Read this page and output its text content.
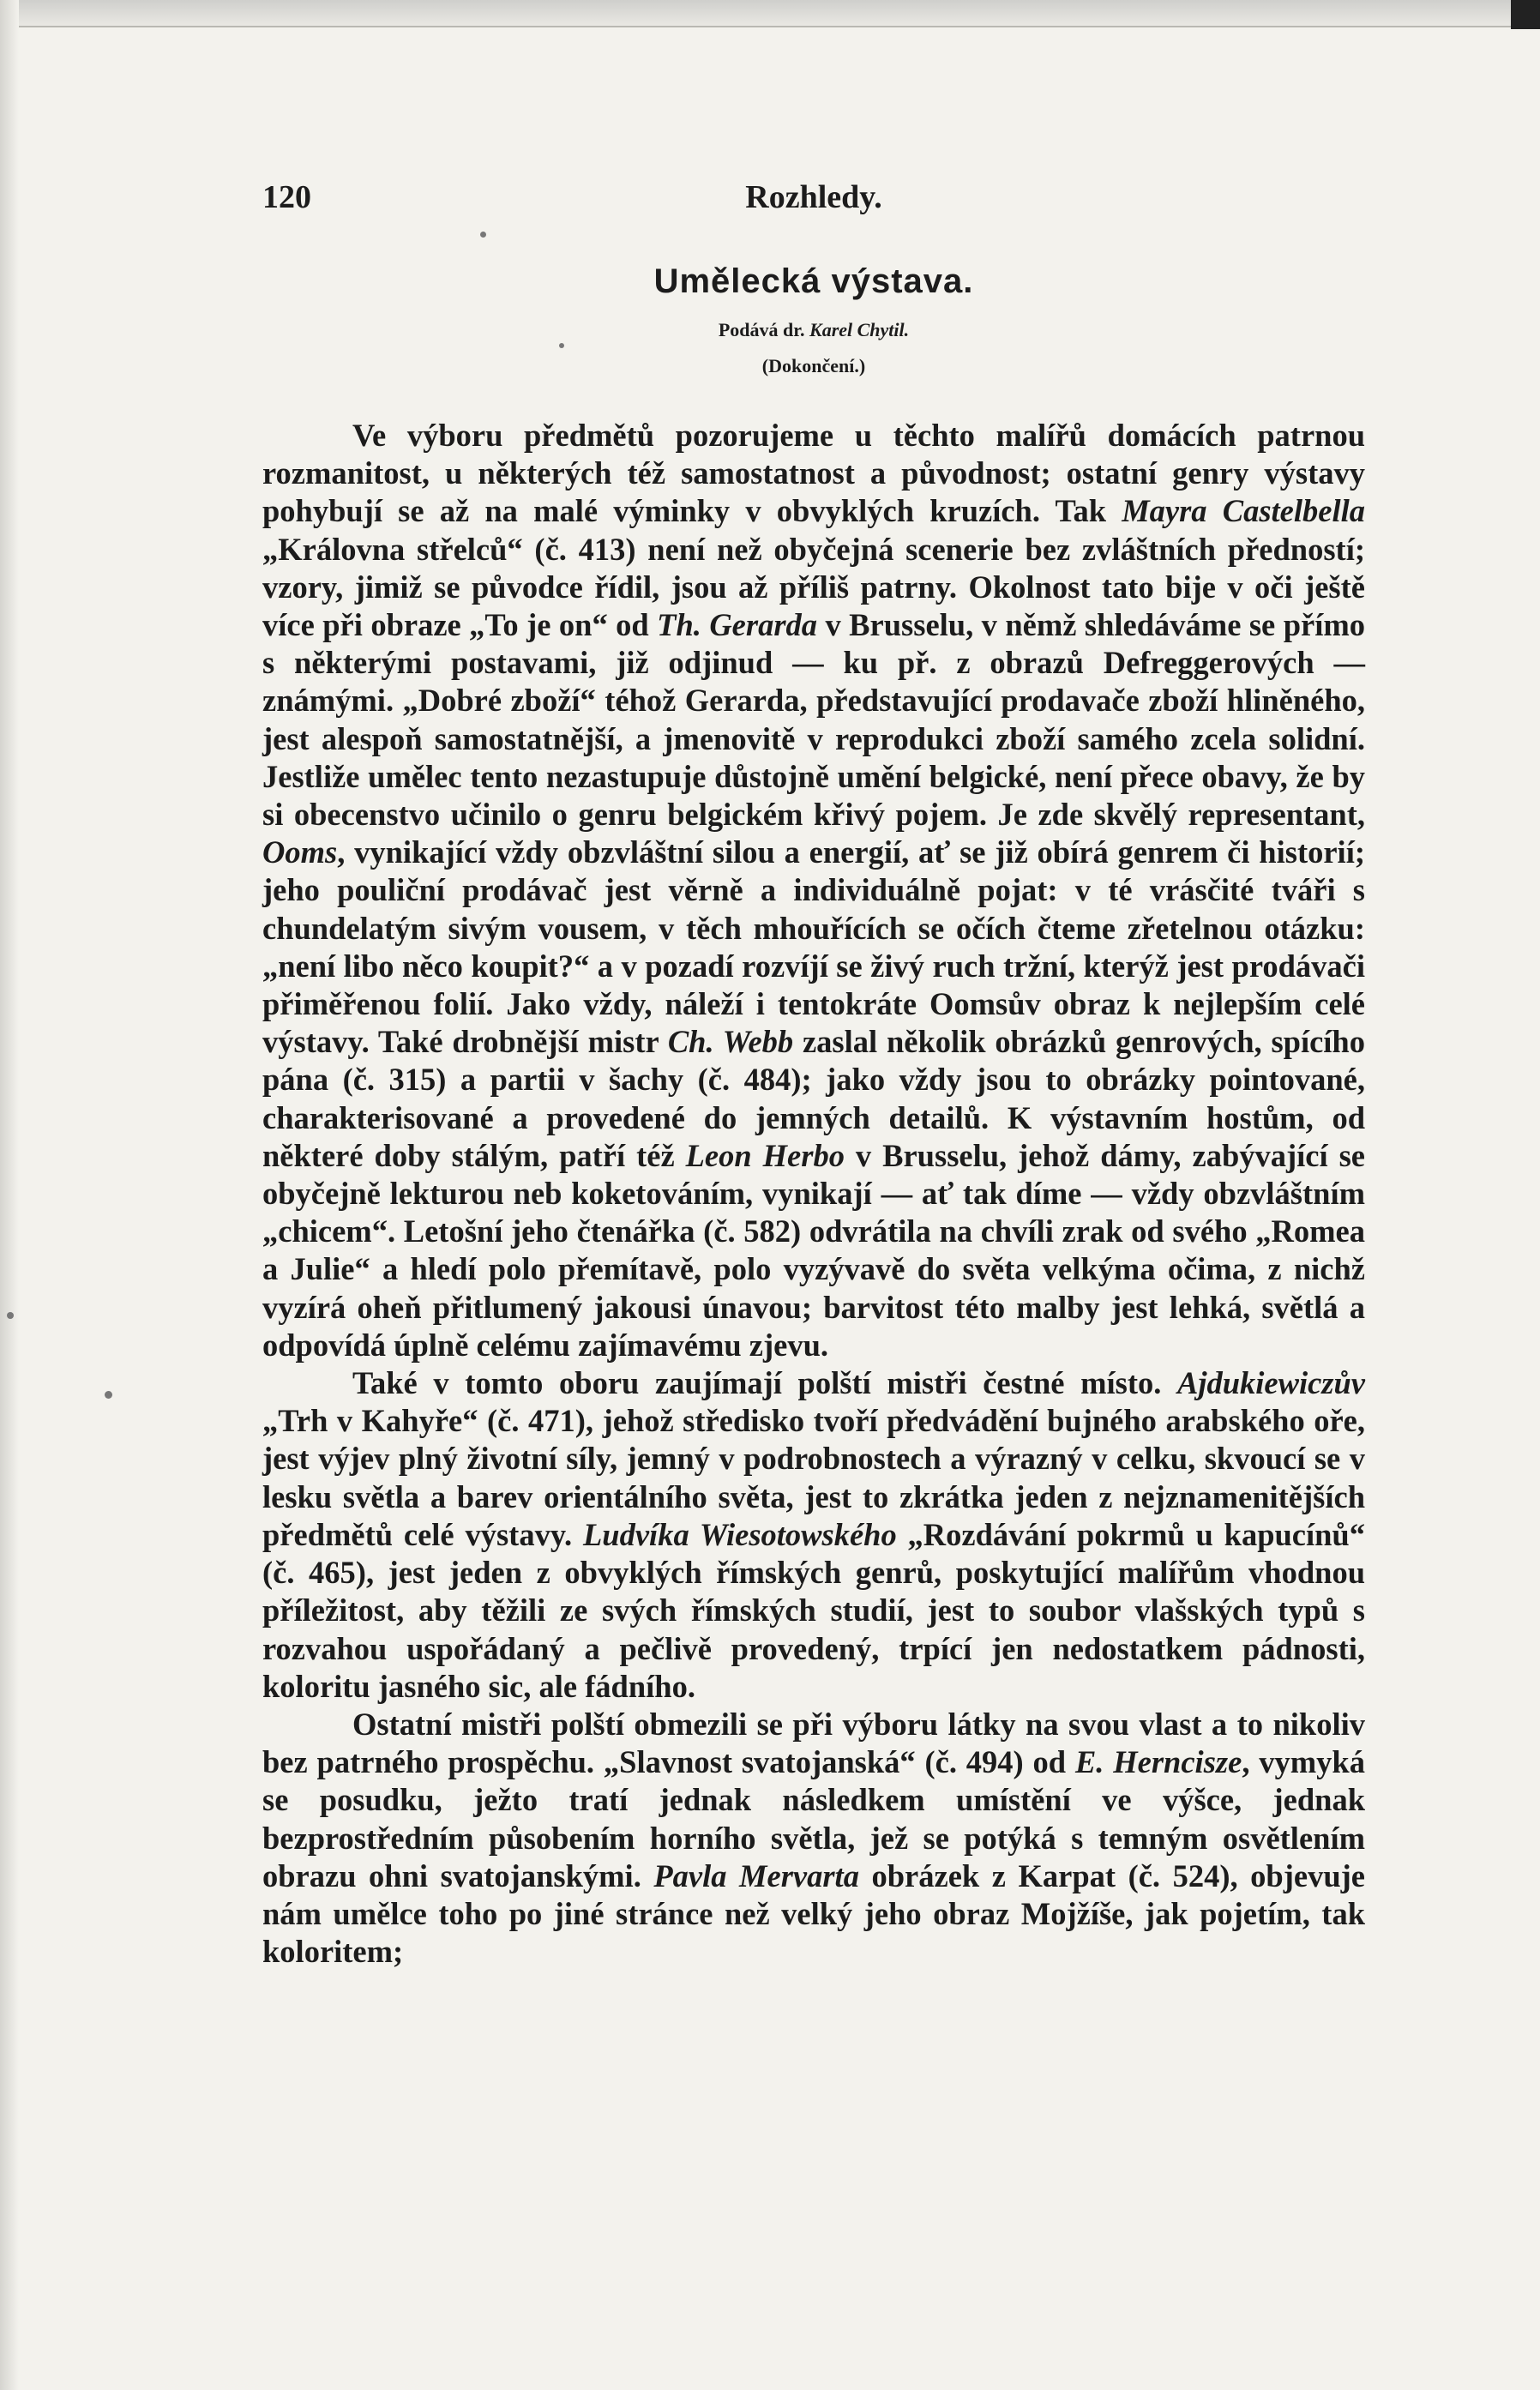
Rozhledy.
120
Umělecká výstava.
Podává dr. Karel Chytil.
(Dokončení.)

Ve výboru předmětů pozorujeme u těchto malířů domácích patrnou rozmanitost, u některých též samostatnost a původnost; ostatní genry výstavy pohybují se až na malé výminky v obvyklých kruzích. Tak Mayra Castelbella „Královna střelců“ (č. 413) není než obyčejná scenerie bez zvláštních předností; vzory, jimiž se původce řídil, jsou až příliš patrny. Okolnost tato bije v oči ještě více při obraze „To je on“ od Th. Gerarda v Brusselu, v němž shledáváme se přímo s některými postavami, již odjinud — ku př. z obrazů Defreggerových — známými. „Dobré zboží“ téhož Gerarda, představující prodavače zboží hliněného, jest alespoň samostatnější, a jmenovitě v reprodukci zboží samého zcela solidní. Jestliže umělec tento nezastupuje důstojně umění belgické, není přece obavy, že by si obecenstvo učinilo o genru belgickém křivý pojem. Je zde skvělý representant, Ooms, vynikající vždy obzvláštní silou a energií, ať se již obírá genrem či historií; jeho pouliční prodávač jest věrně a individuálně pojat: v té vrásčité tváři s chundelatým sivým vousem, v těch mhouřících se očích čteme zřetelnou otázku: „není libo něco koupit?“ a v pozadí rozvíjí se živý ruch tržní, kterýž jest prodávači přiměřenou folií. Jako vždy, náleží i tentokráte Oomsův obraz k nejlepším celé výstavy. Také drobnější mistr Ch. Webb zaslal několik obrázků genrových, spícího pána (č. 315) a partii v šachy (č. 484); jako vždy jsou to obrázky pointované, charakterisované a provedené do jemných detailů. K výstavním hostům, od některé doby stálým, patří též Leon Herbo v Brusselu, jehož dámy, zabývající se obyčejně lekturou neb koketováním, vynikají — ať tak díme — vždy obzvláštním „chicem“. Letošní jeho čtenářka (č. 582) odvrátila na chvíli zrak od svého „Romea a Julie“ a hledí polo přemítavě, polo vyzývavě do světa velkýma očima, z nichž vyzírá oheň přitlumený jakousi únavou; barvitost této malby jest lehká, světlá a odpovídá úplně celému zajímavému zjevu.

Také v tomto oboru zaujímají polští mistři čestné místo. Ajdukiewiczův „Trh v Kahyře“ (č. 471), jehož středisko tvoří předvádění bujného arabského oře, jest výjev plný životní síly, jemný v podrobnostech a výrazný v celku, skvoucí se v lesku světla a barev orientálního světa, jest to zkrátka jeden z nejznamenitějších předmětů celé výstavy. Ludvíka Wiesotowského „Rozdávání pokrmů u kapucínů“ (č. 465), jest jeden z obvyklých římských genrů, poskytující malířům vhodnou příležitost, aby těžili ze svých římských studií, jest to soubor vlašských typů s rozvahou uspořádaný a pečlivě provedený, trpící jen nedostatkem pádnosti, koloritu jasného sic, ale fádního.

Ostatní mistři polští obmezili se při výboru látky na svou vlast a to nikoliv bez patrného prospěchu. „Slavnost svatojanská“ (č. 494) od E. Herncisze, vymyká se posudku, ježto tratí jednak následkem umístění ve výšce, jednak bezprostředním působením horního světla, jež se potýká s temným osvětlením obrazu ohni svatojanskými. Pavla Mervarta obrázek z Karpat (č. 524), objevuje nám umělce toho po jiné stránce než velký jeho obraz Mojžíše, jak pojetím, tak koloritem;
